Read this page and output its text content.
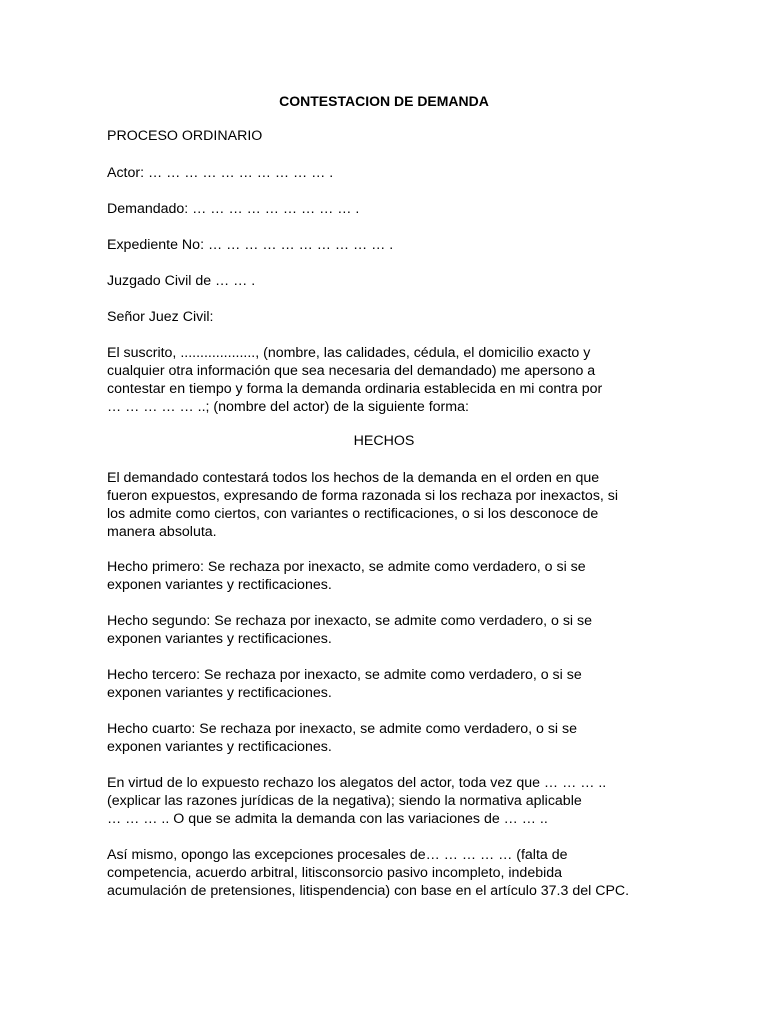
CONTESTACION DE DEMANDA

PROCESO ORDINARIO

Actor: … … … … … … … … … … .

Demandado: … … … … … … … … … .

Expediente No: … … … … … … … … … … .

Juzgado Civil de … … .

Señor Juez Civil:

El suscrito, ..................., (nombre, las calidades, cédula, el domicilio exacto y
cualquier otra información que sea necesaria del demandado) me apersono a
contestar en tiempo y forma la demanda ordinaria establecida en mi contra por
… … … … … ..; (nombre del actor) de la siguiente forma:

HECHOS

El demandado contestará todos los hechos de la demanda en el orden en que
fueron expuestos, expresando de forma razonada si los rechaza por inexactos, si
los admite como ciertos, con variantes o rectificaciones, o si los desconoce de
manera absoluta.
Hecho primero: Se rechaza por inexacto, se admite como verdadero, o si se
exponen variantes y rectificaciones.
Hecho segundo: Se rechaza por inexacto, se admite como verdadero, o si se
exponen variantes y rectificaciones.
Hecho tercero: Se rechaza por inexacto, se admite como verdadero, o si se
exponen variantes y rectificaciones.
Hecho cuarto: Se rechaza por inexacto, se admite como verdadero, o si se
exponen variantes y rectificaciones.
En virtud de lo expuesto rechazo los alegatos del actor, toda vez que … … … ..
(explicar las razones jurídicas de la negativa); siendo la normativa aplicable
… … … .. O que se admita la demanda con las variaciones de … … ..
Así mismo, opongo las excepciones procesales de… … … … … (falta de
competencia, acuerdo arbitral, litisconsorcio pasivo incompleto, indebida
acumulación de pretensiones, litispendencia) con base en el artículo 37.3 del CPC.
